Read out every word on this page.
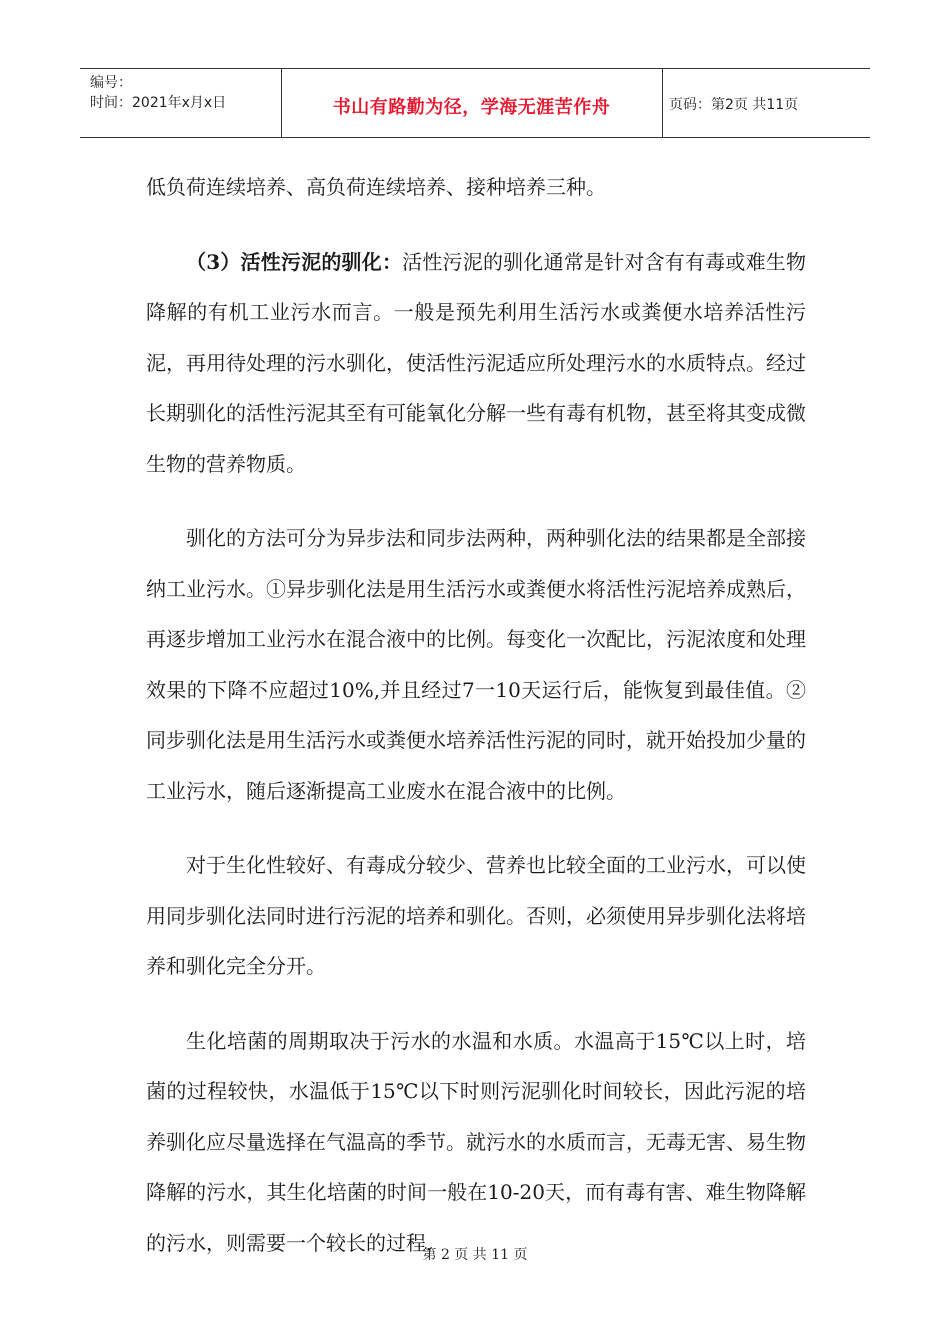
编号：
时间：2021年x月x日	书山有路勤为径，学海无涯苦作舟	页码：第2页 共11页

低负荷连续培养、高负荷连续培养、接种培养三种。

（3）活性污泥的驯化：活性污泥的驯化通常是针对含有有毒或难生物降解的有机工业污水而言。一般是预先利用生活污水或粪便水培养活性污泥，再用待处理的污水驯化，使活性污泥适应所处理污水的水质特点。经过长期驯化的活性污泥其至有可能氧化分解一些有毒有机物，甚至将其变成微生物的营养物质。

驯化的方法可分为异步法和同步法两种，两种驯化法的结果都是全部接纳工业污水。①异步驯化法是用生活污水或粪便水将活性污泥培养成熟后，再逐步增加工业污水在混合液中的比例。每变化一次配比，污泥浓度和处理效果的下降不应超过10%,并且经过7一10天运行后，能恢复到最佳值。②同步驯化法是用生活污水或粪便水培养活性污泥的同时，就开始投加少量的工业污水，随后逐渐提高工业废水在混合液中的比例。

对于生化性较好、有毒成分较少、营养也比较全面的工业污水，可以使用同步驯化法同时进行污泥的培养和驯化。否则，必须使用异步驯化法将培养和驯化完全分开。

生化培菌的周期取决于污水的水温和水质。水温高于15℃以上时，培菌的过程较快，水温低于15℃以下时则污泥驯化时间较长，因此污泥的培养驯化应尽量选择在气温高的季节。就污水的水质而言，无毒无害、易生物降解的污水，其生化培菌的时间一般在10-20天，而有毒有害、难生物降解的污水，则需要一个较长的过程，

第 2 页 共 11 页
